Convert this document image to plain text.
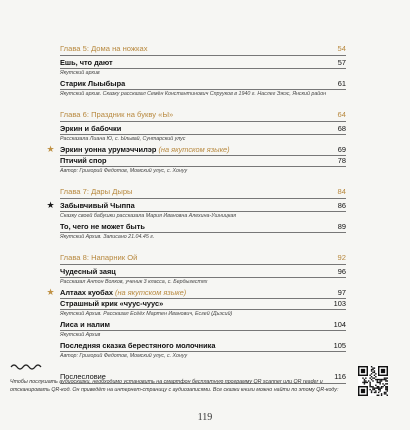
Глава 5: Дома на ножках	54
Ешь, что дают	57
Якутский архив
Старик Лыыбыра	61
Якутский архив. Сказку рассказал Семён Константинович Спрууков в 1940 г. Наслег Эжэс, Янский район
Глава 6: Праздник на букву «Ы»	64
Эркин и бабочки	68
Рассказала Лиана Ю, с. Ыльвай, Сунтарский улус
★ Эркин уонна урумэччилэр (на якутском языке)	69
Птичий спор	78
Автор: Григорий Федотов, Момский улус, с. Хонуу
Глава 7: Дары Дыры	84
★ Забывчивый Чыппа	86
Сказку своей бабушки рассказала Мария Ивановна Алехина-Ушницкая
То, чего не может быть	89
Якутский Архив. Записано 21.04.45 г.
Глава 8: Напарник Ой	92
Чудесный заяц	96
Рассказал Антон Волков, ученик 3 класса, с. Бердыгестях
★ Алтаах куобах (на якутском языке)	97
Страшный крик «чуус-чуус»	103
Якутский Архив. Рассказал Есёёх Мартен Иванович, Есгей (Дьэсий)
Лиса и налим	104
Якутский Архив
Последняя сказка берестяного молочника	105
Автор: Григорий Федотов, Момский улус, с. Хонуу
Послесловие	116
Чтобы послушать аудиосказки, необходимо установить на смартфон бесплатную программу QR scanner или QR reader и отсканировать QR-код. Он приведёт на интернет-страницу с аудиозаписями. Все сказки книги можно найти по этому QR-коду:
119
